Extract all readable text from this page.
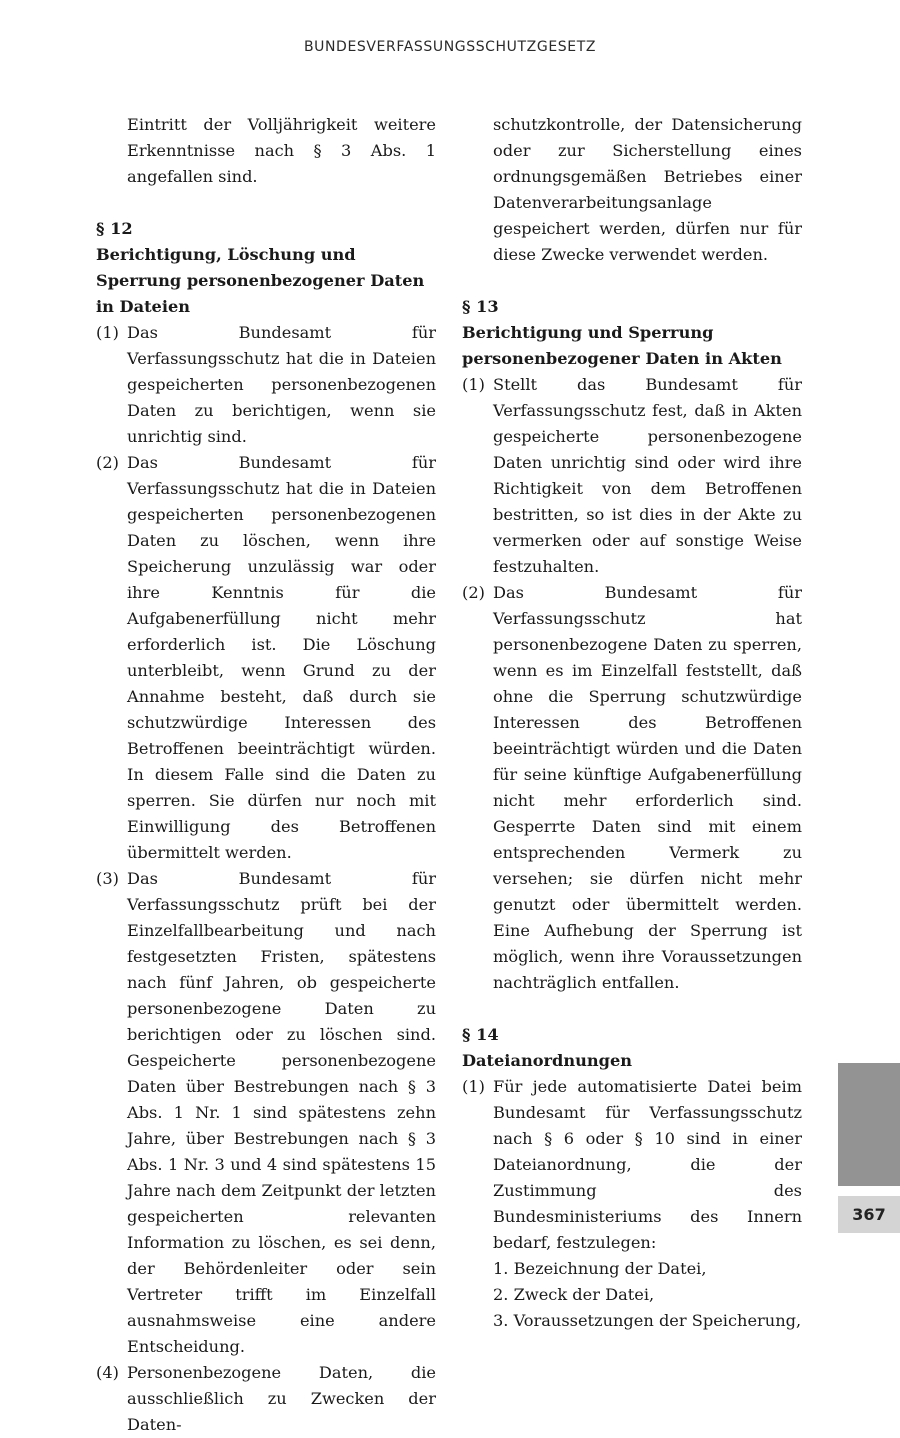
BUNDESVERFASSUNGSSCHUTZGESETZ

Eintritt der Volljährigkeit weitere Erkenntnisse nach § 3 Abs. 1 angefallen sind.

§ 12

Berichtigung, Löschung und Sperrung personenbezogener Daten in Dateien

(1) Das Bundesamt für Verfassungsschutz hat die in Dateien gespeicherten personenbezogenen Daten zu berichtigen, wenn sie unrichtig sind.

(2) Das Bundesamt für Verfassungsschutz hat die in Dateien gespeicherten personenbezogenen Daten zu löschen, wenn ihre Speicherung unzulässig war oder ihre Kenntnis für die Aufgabenerfüllung nicht mehr erforderlich ist. Die Löschung unterbleibt, wenn Grund zu der Annahme besteht, daß durch sie schutzwürdige Interessen des Betroffenen beeinträchtigt würden. In diesem Falle sind die Daten zu sperren. Sie dürfen nur noch mit Einwilligung des Betroffenen übermittelt werden.

(3) Das Bundesamt für Verfassungsschutz prüft bei der Einzelfallbearbeitung und nach festgesetzten Fristen, spätestens nach fünf Jahren, ob gespeicherte personenbezogene Daten zu berichtigen oder zu löschen sind. Gespeicherte personenbezogene Daten über Bestrebungen nach § 3 Abs. 1 Nr. 1 sind spätestens zehn Jahre, über Bestrebungen nach § 3 Abs. 1 Nr. 3 und 4 sind spätestens 15 Jahre nach dem Zeitpunkt der letzten gespeicherten relevanten Information zu löschen, es sei denn, der Behördenleiter oder sein Vertreter trifft im Einzelfall ausnahmsweise eine andere Entscheidung.

(4) Personenbezogene Daten, die ausschließlich zu Zwecken der Daten-

schutzkontrolle, der Datensicherung oder zur Sicherstellung eines ordnungsgemäßen Betriebes einer Datenverarbeitungsanlage gespeichert werden, dürfen nur für diese Zwecke verwendet werden.

§ 13

Berichtigung und Sperrung personenbezogener Daten in Akten

(1) Stellt das Bundesamt für Verfassungsschutz fest, daß in Akten gespeicherte personenbezogene Daten unrichtig sind oder wird ihre Richtigkeit von dem Betroffenen bestritten, so ist dies in der Akte zu vermerken oder auf sonstige Weise festzuhalten.

(2) Das Bundesamt für Verfassungsschutz hat personenbezogene Daten zu sperren, wenn es im Einzelfall feststellt, daß ohne die Sperrung schutzwürdige Interessen des Betroffenen beeinträchtigt würden und die Daten für seine künftige Aufgabenerfüllung nicht mehr erforderlich sind. Gesperrte Daten sind mit einem entsprechenden Vermerk zu versehen; sie dürfen nicht mehr genutzt oder übermittelt werden. Eine Aufhebung der Sperrung ist möglich, wenn ihre Voraussetzungen nachträglich entfallen.

§ 14

Dateianordnungen

(1) Für jede automatisierte Datei beim Bundesamt für Verfassungsschutz nach § 6 oder § 10 sind in einer Dateianordnung, die der Zustimmung des Bundesministeriums des Innern bedarf, festzulegen:

1. Bezeichnung der Datei,

2. Zweck der Datei,

3. Voraussetzungen der Speicherung,

367
